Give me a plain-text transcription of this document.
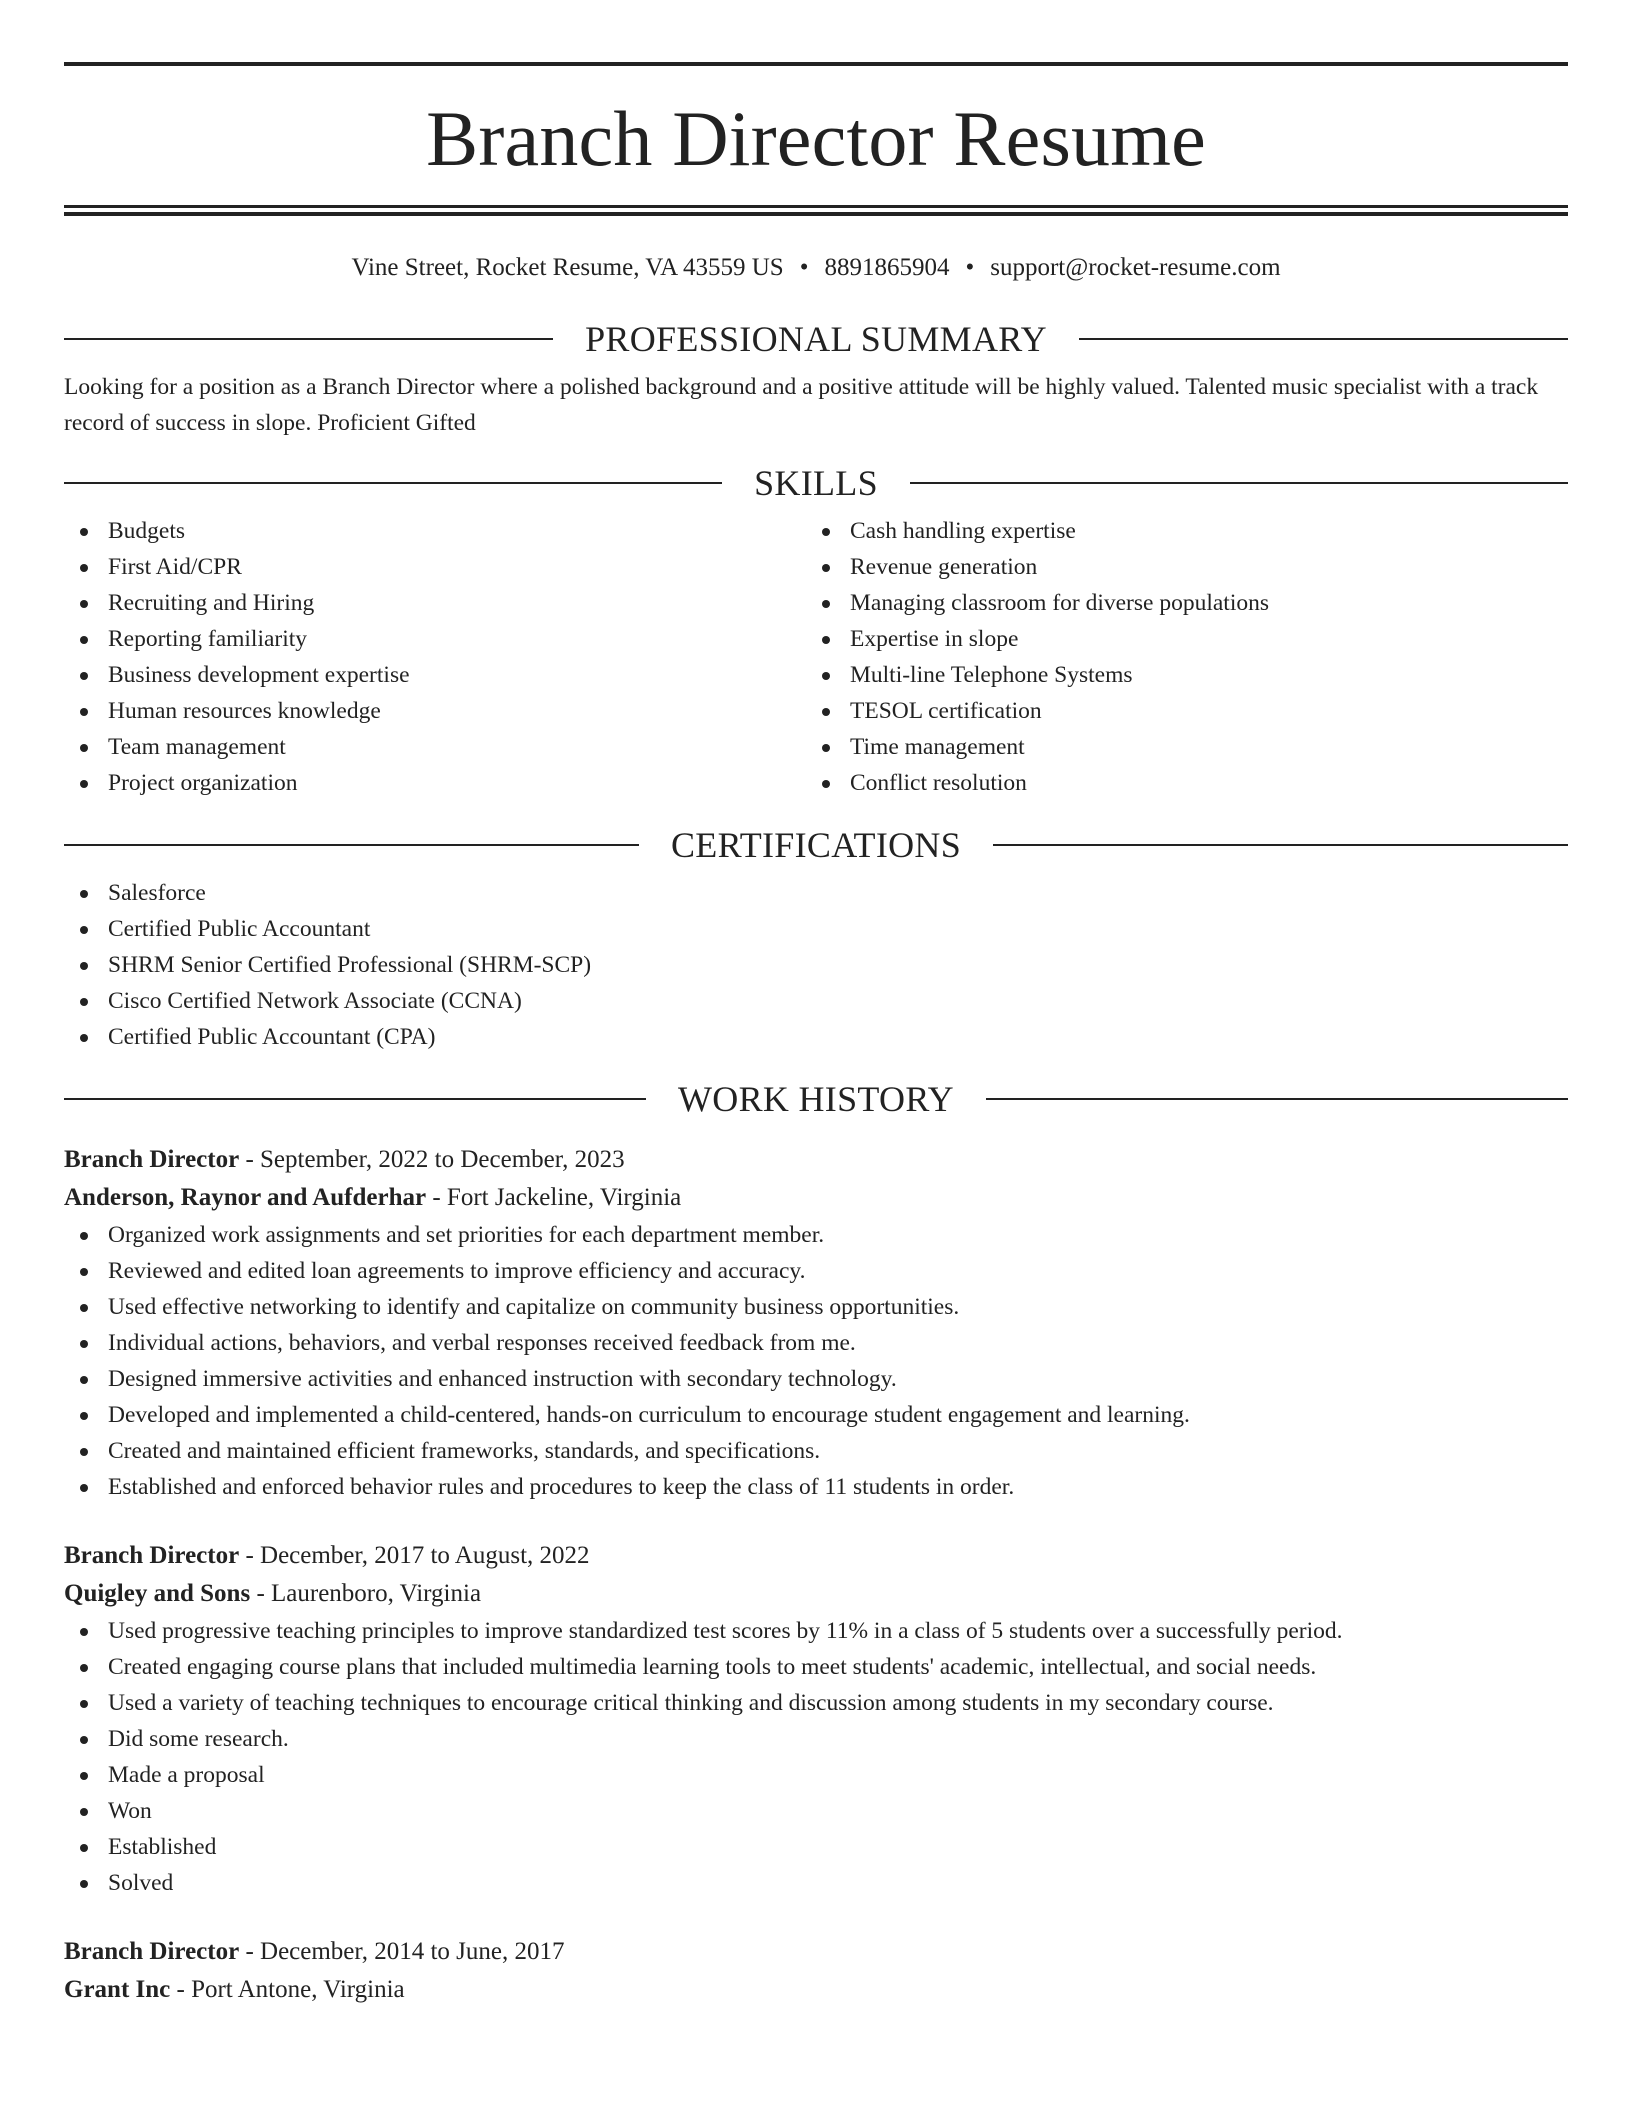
Branch Director Resume
Vine Street, Rocket Resume, VA 43559 US • 8891865904 • support@rocket-resume.com
PROFESSIONAL SUMMARY
Looking for a position as a Branch Director where a polished background and a positive attitude will be highly valued. Talented music specialist with a track record of success in slope. Proficient Gifted
SKILLS
Budgets
First Aid/CPR
Recruiting and Hiring
Reporting familiarity
Business development expertise
Human resources knowledge
Team management
Project organization
Cash handling expertise
Revenue generation
Managing classroom for diverse populations
Expertise in slope
Multi-line Telephone Systems
TESOL certification
Time management
Conflict resolution
CERTIFICATIONS
Salesforce
Certified Public Accountant
SHRM Senior Certified Professional (SHRM-SCP)
Cisco Certified Network Associate (CCNA)
Certified Public Accountant (CPA)
WORK HISTORY
Branch Director - September, 2022 to December, 2023
Anderson, Raynor and Aufderhar - Fort Jackeline, Virginia
Organized work assignments and set priorities for each department member.
Reviewed and edited loan agreements to improve efficiency and accuracy.
Used effective networking to identify and capitalize on community business opportunities.
Individual actions, behaviors, and verbal responses received feedback from me.
Designed immersive activities and enhanced instruction with secondary technology.
Developed and implemented a child-centered, hands-on curriculum to encourage student engagement and learning.
Created and maintained efficient frameworks, standards, and specifications.
Established and enforced behavior rules and procedures to keep the class of 11 students in order.
Branch Director - December, 2017 to August, 2022
Quigley and Sons - Laurenboro, Virginia
Used progressive teaching principles to improve standardized test scores by 11% in a class of 5 students over a successfully period.
Created engaging course plans that included multimedia learning tools to meet students' academic, intellectual, and social needs.
Used a variety of teaching techniques to encourage critical thinking and discussion among students in my secondary course.
Did some research.
Made a proposal
Won
Established
Solved
Branch Director - December, 2014 to June, 2017
Grant Inc - Port Antone, Virginia
